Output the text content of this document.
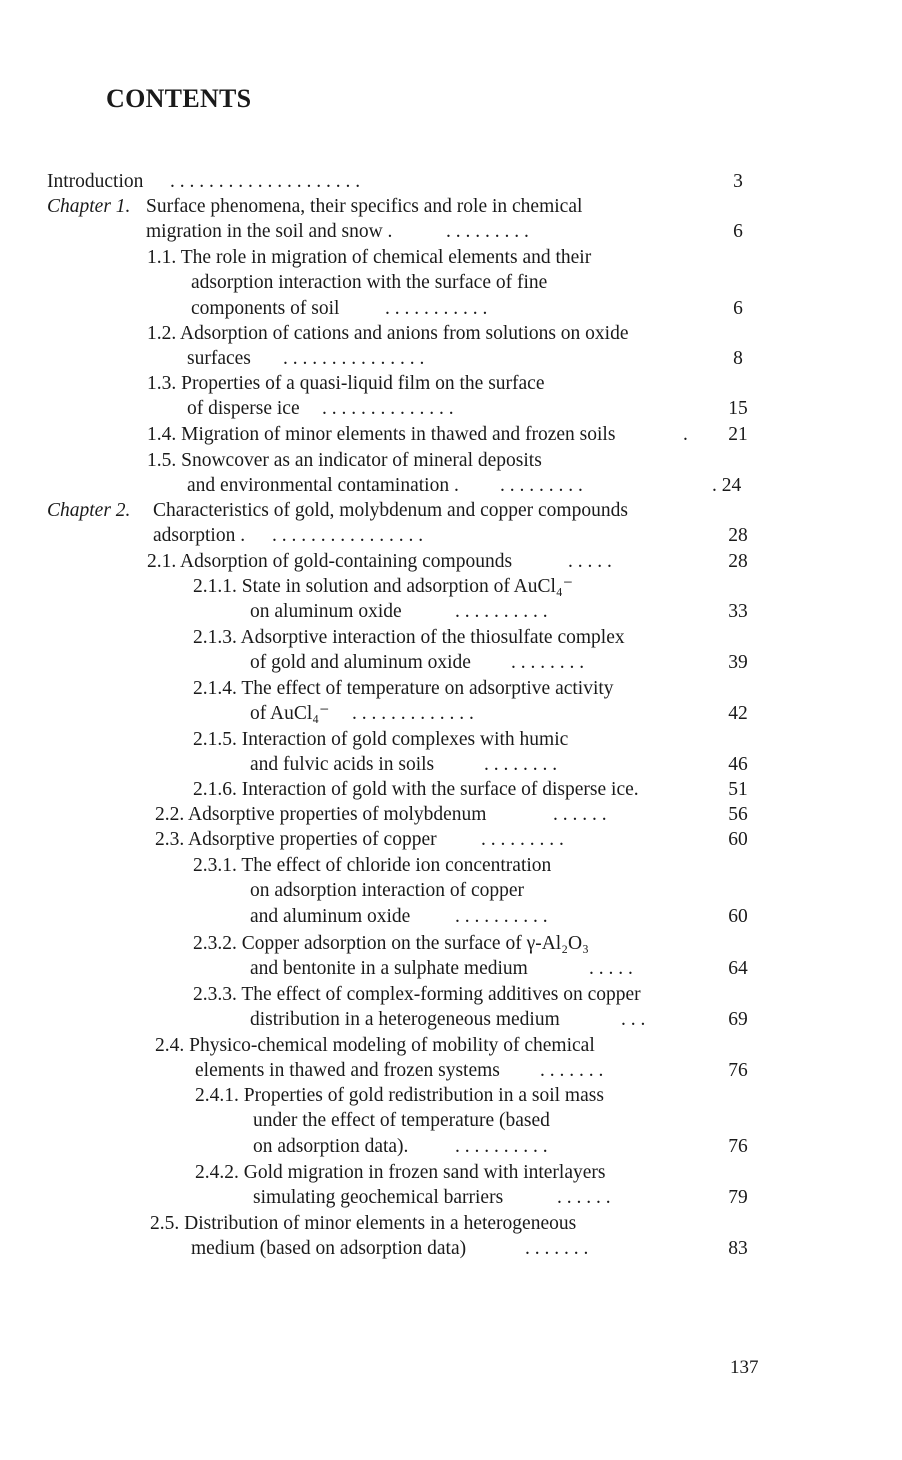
CONTENTS
Introduction . . . . . . . . . . . . . . . . . . . .	3
Chapter 1. Surface phenomena, their specifics and role in chemical
migration in the soil and snow .	. . . . . . . . .	6
1.1. The role in migration of chemical elements and their
adsorption interaction with the surface of fine
components of soil . . . . . . . . . . .	6
1.2. Adsorption of cations and anions from solutions on oxide
surfaces . . . . . . . . . . . . . . .	8
1.3. Properties of a quasi-liquid film on the surface
of disperse ice . . . . . . . . . . . . . .	15
1.4. Migration of minor elements in thawed and frozen soils	.	21
1.5. Snowcover as an indicator of mineral deposits
and environmental contamination . . . . . . . . . .	. 24
Chapter 2. Characteristics of gold, molybdenum and copper compounds
adsorption . . . . . . . . . . . . . . . . .	28
2.1. Adsorption of gold-containing compounds	. . . . .	28
2.1.1. State in solution and adsorption of AuCl₄⁻
on aluminum oxide	. . . . . . . . . .	33
2.1.3. Adsorptive interaction of the thiosulfate complex
of gold and aluminum oxide . . . . . . . .	39
2.1.4. The effect of temperature on adsorptive activity
of AuCl₄⁻ . . . . . . . . . . . . .	42
2.1.5. Interaction of gold complexes with humic
and fulvic acids in soils	. . . . . . . .	46
2.1.6. Interaction of gold with the surface of disperse ice.	51
2.2. Adsorptive properties of molybdenum	. . . . . .	56
2.3. Adsorptive properties of copper . . . . . . . . .	60
2.3.1. The effect of chloride ion concentration
on adsorption interaction of copper
and aluminum oxide . . . . . . . . . .	60
2.3.2. Copper adsorption on the surface of γ-Al₂O₃
and bentonite in a sulphate medium	. . . . .	64
2.3.3. The effect of complex-forming additives on copper
distribution in a heterogeneous medium	. . .	69
2.4. Physico-chemical modeling of mobility of chemical
elements in thawed and frozen systems . . . . . . .	76
2.4.1. Properties of gold redistribution in a soil mass
under the effect of temperature (based
on adsorption data). . . . . . . . . . .	76
2.4.2. Gold migration in frozen sand with interlayers
simulating geochemical barriers	. . . . . .	79
2.5. Distribution of minor elements in a heterogeneous
medium (based on adsorption data)	. . . . . . .	83
137
